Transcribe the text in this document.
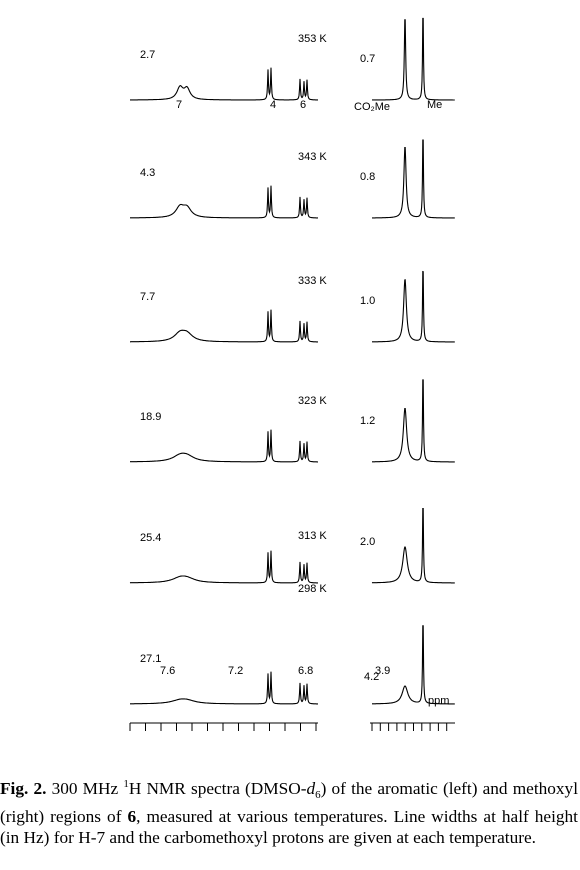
7	4 6	CO₂Me	Me
7.6	7.2	6.8	4.2
3.9
ppm
2.7
353 K
0.7
4.3
343 K
0.8
7.7
333 K
1.0
18.9
323 K
1.2
25.4	313 K	2.0
27.1
298 K

Fig. 2. 300 MHz $^1$H NMR spectra $(DMSO-d_6)$ of the aromatic (left) and methoxyl (right) regions of 6, measured at various temperatures. Line widths at half height (in Hz) for H-7 and the carbomethoxyl protons are given at each temperature.
